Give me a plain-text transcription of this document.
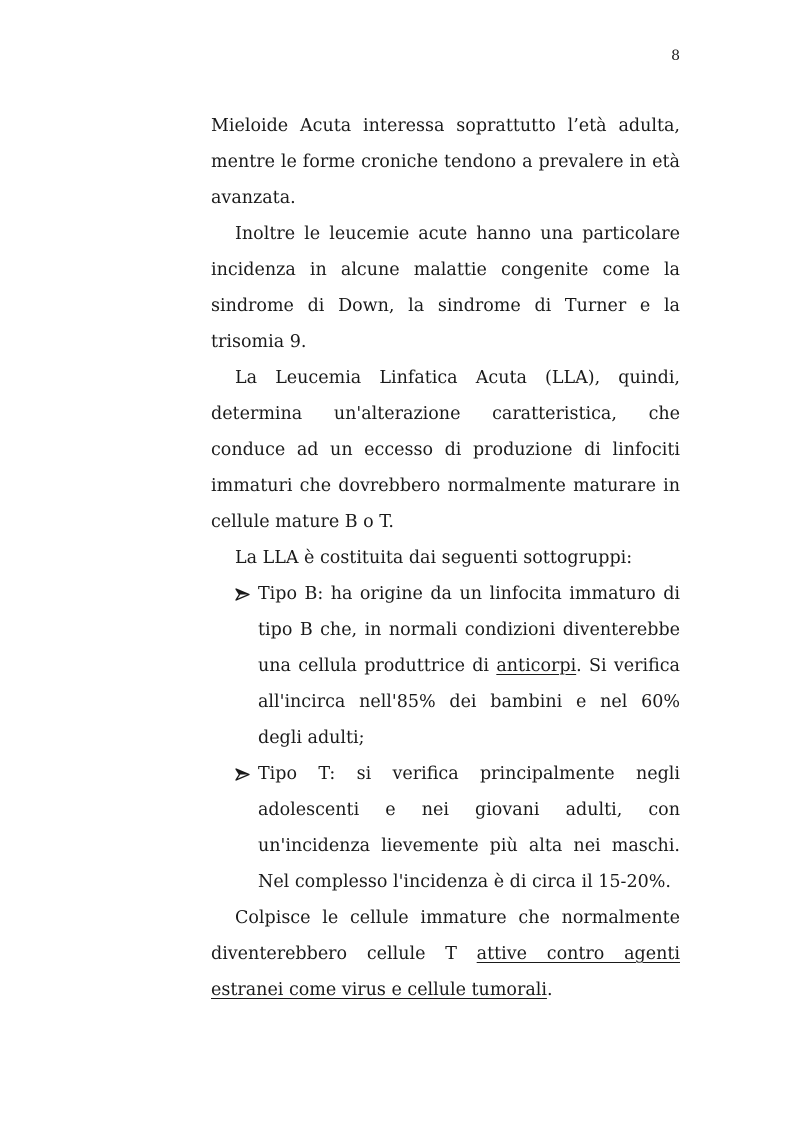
8

Mieloide Acuta interessa soprattutto l’età adulta, mentre le forme croniche tendono a prevalere in età avanzata.

Inoltre le leucemie acute hanno una particolare incidenza in alcune malattie congenite come la sindrome di Down, la sindrome di Turner e la trisomia 9.

La Leucemia Linfatica Acuta (LLA), quindi, determina un'alterazione caratteristica, che conduce ad un eccesso di produzione di linfociti immaturi che dovrebbero normalmente maturare in cellule mature B o T.

La LLA è costituita dai seguenti sottogruppi:

Tipo B: ha origine da un linfocita immaturo di tipo B che, in normali condizioni diventerebbe una cellula produttrice di anticorpi. Si verifica all'incirca nell'85% dei bambini e nel 60% degli adulti;
Tipo T: si verifica principalmente negli adolescenti e nei giovani adulti, con un'incidenza lievemente più alta nei maschi. Nel complesso l'incidenza è di circa il 15-20%.

Colpisce le cellule immature che normalmente diventerebbero cellule T attive contro agenti estranei come virus e cellule tumorali.
